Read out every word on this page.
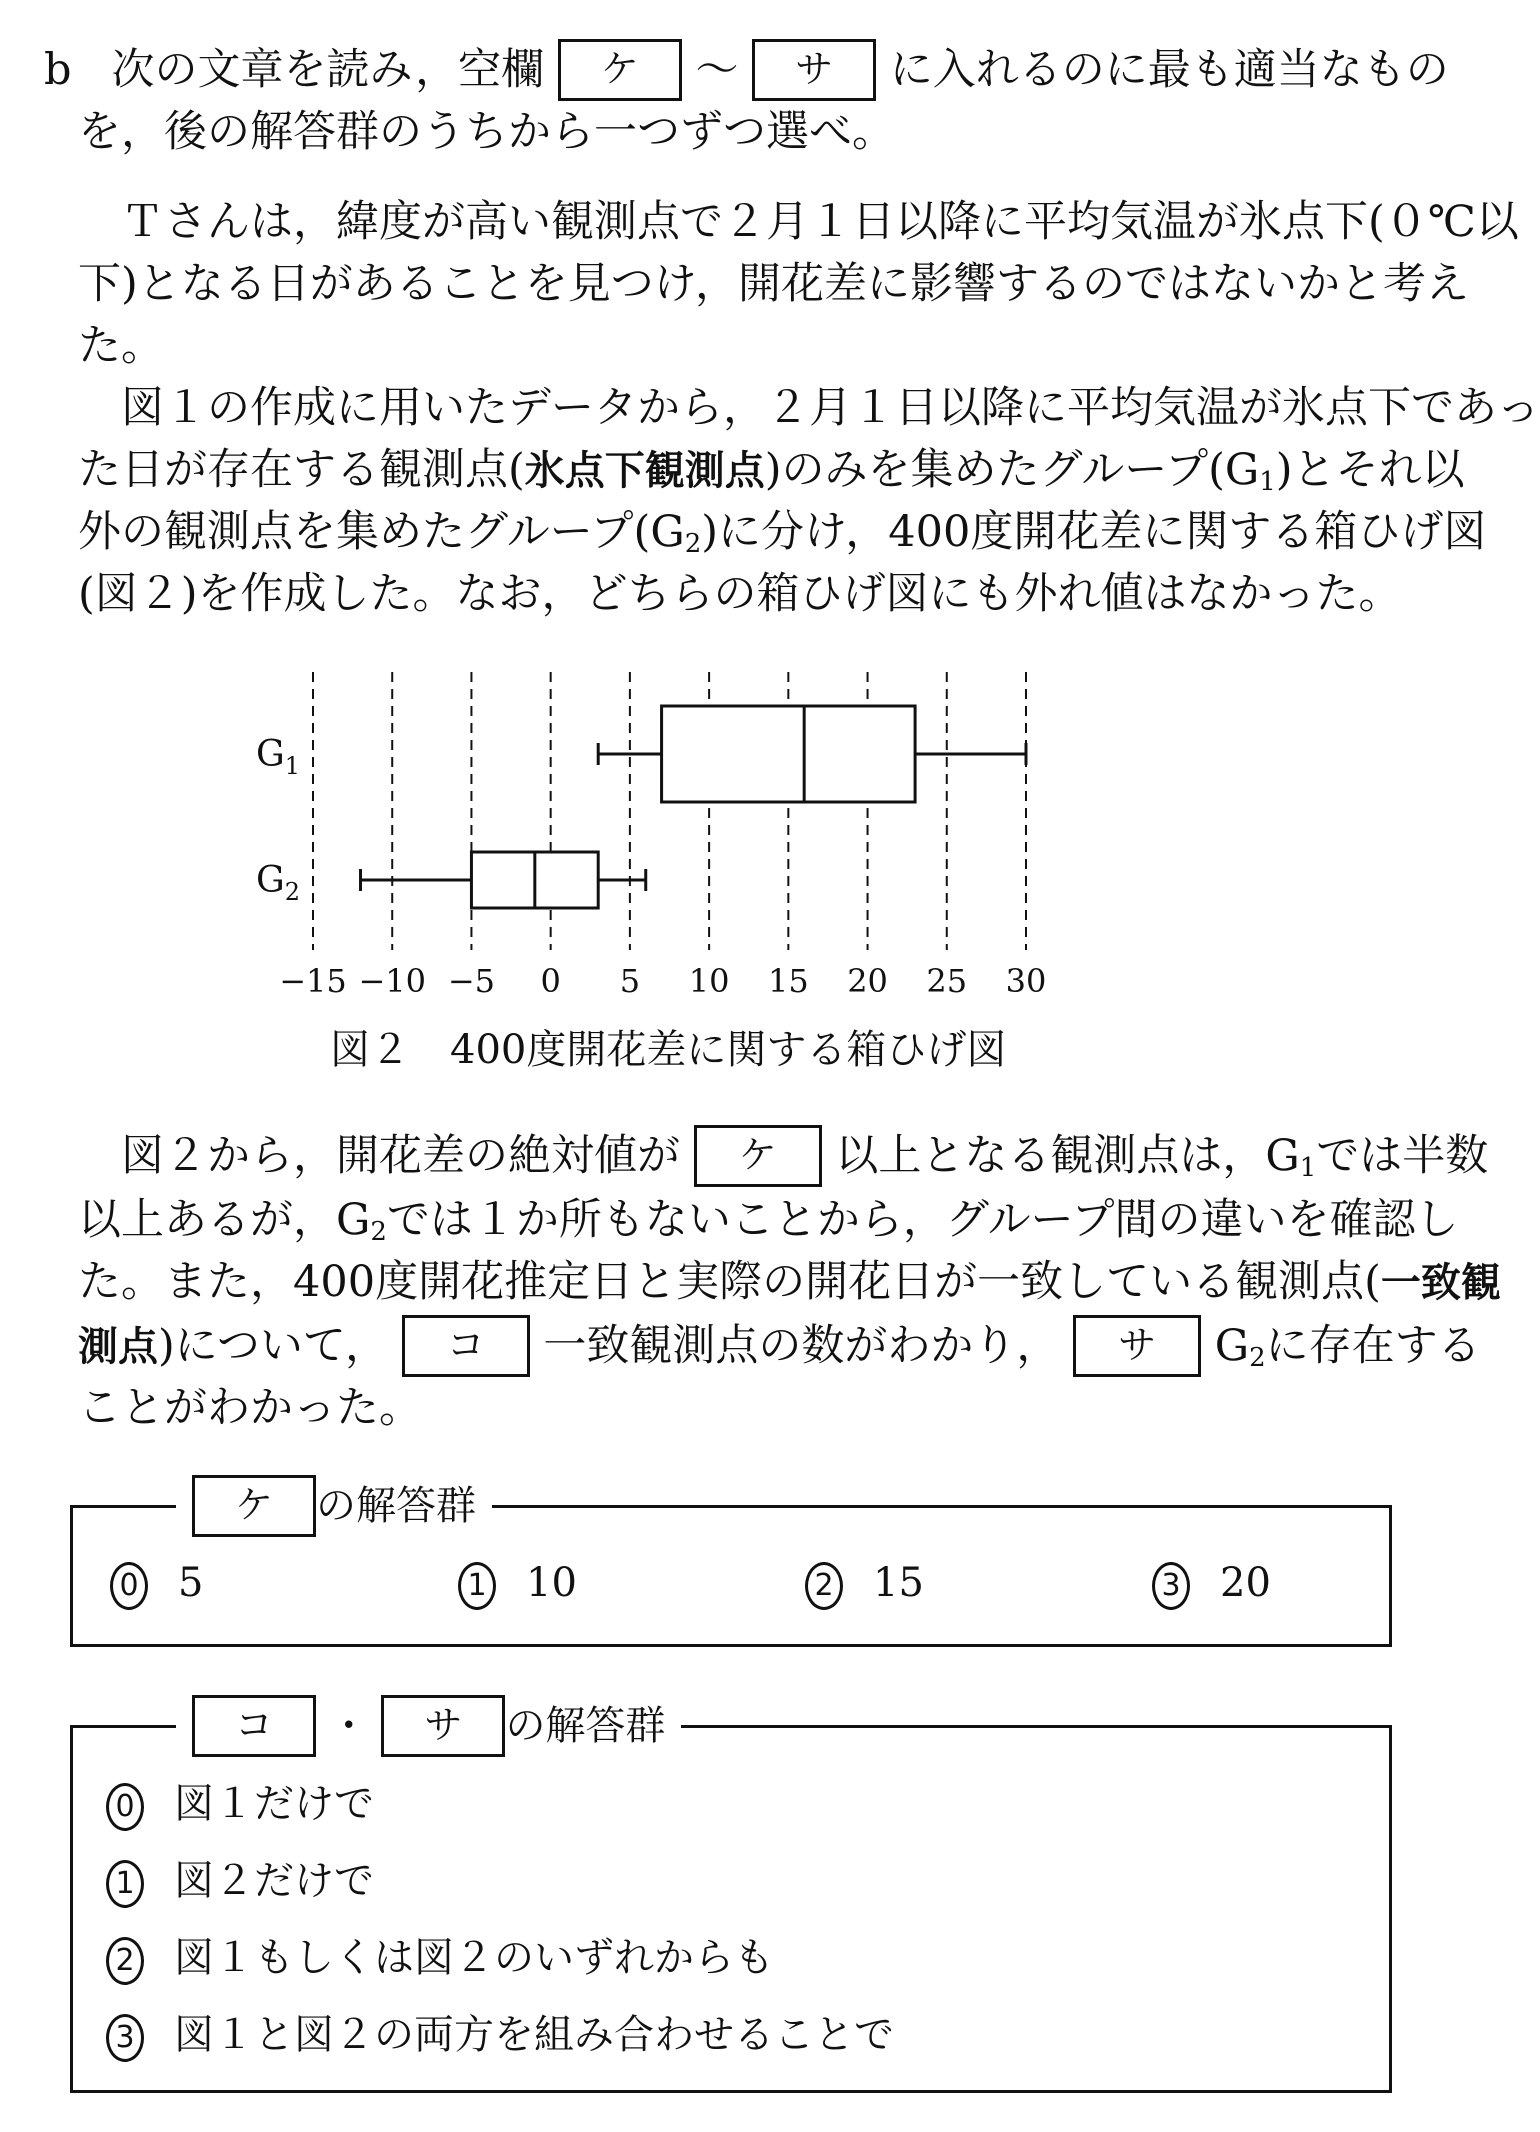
b 次の文章を読み，空欄 ケ ～ サ に入れるのに最も適当なもの
を，後の解答群のうちから一つずつ選べ。
Ｔさんは，緯度が高い観測点で２月１日以降に平均気温が氷点下(０℃以
下)となる日があることを見つけ，開花差に影響するのではないかと考え
た。
図１の作成に用いたデータから，２月１日以降に平均気温が氷点下であっ
た日が存在する観測点(氷点下観測点)のみを集めたグループ$(G_1)$とそれ以
外の観測点を集めたグループ$(G_2)$に分け，400度開花差に関する箱ひげ図
(図２)を作成した。なお，どちらの箱ひげ図にも外れ値はなかった。
−15 −10 −5 0 5 10 15 20 25 30
$G_1$
$G_2$
図２ 400度開花差に関する箱ひげ図
図２から，開花差の絶対値が ケ 以上となる観測点は，$G_1$では半数
以上あるが，$G_2$では１か所もないことから，グループ間の違いを確認し
た。また，400度開花推定日と実際の開花日が一致している観測点(一致観
測点)について， コ 一致観測点の数がわかり， サ $G_2$に存在する
ことがわかった。
ケ の解答群
0 5	1 10	2 15	3 20
コ ・ サ の解答群
0 図１だけで
1 図２だけで
2 図１もしくは図２のいずれからも
3 図１と図２の両方を組み合わせることで
